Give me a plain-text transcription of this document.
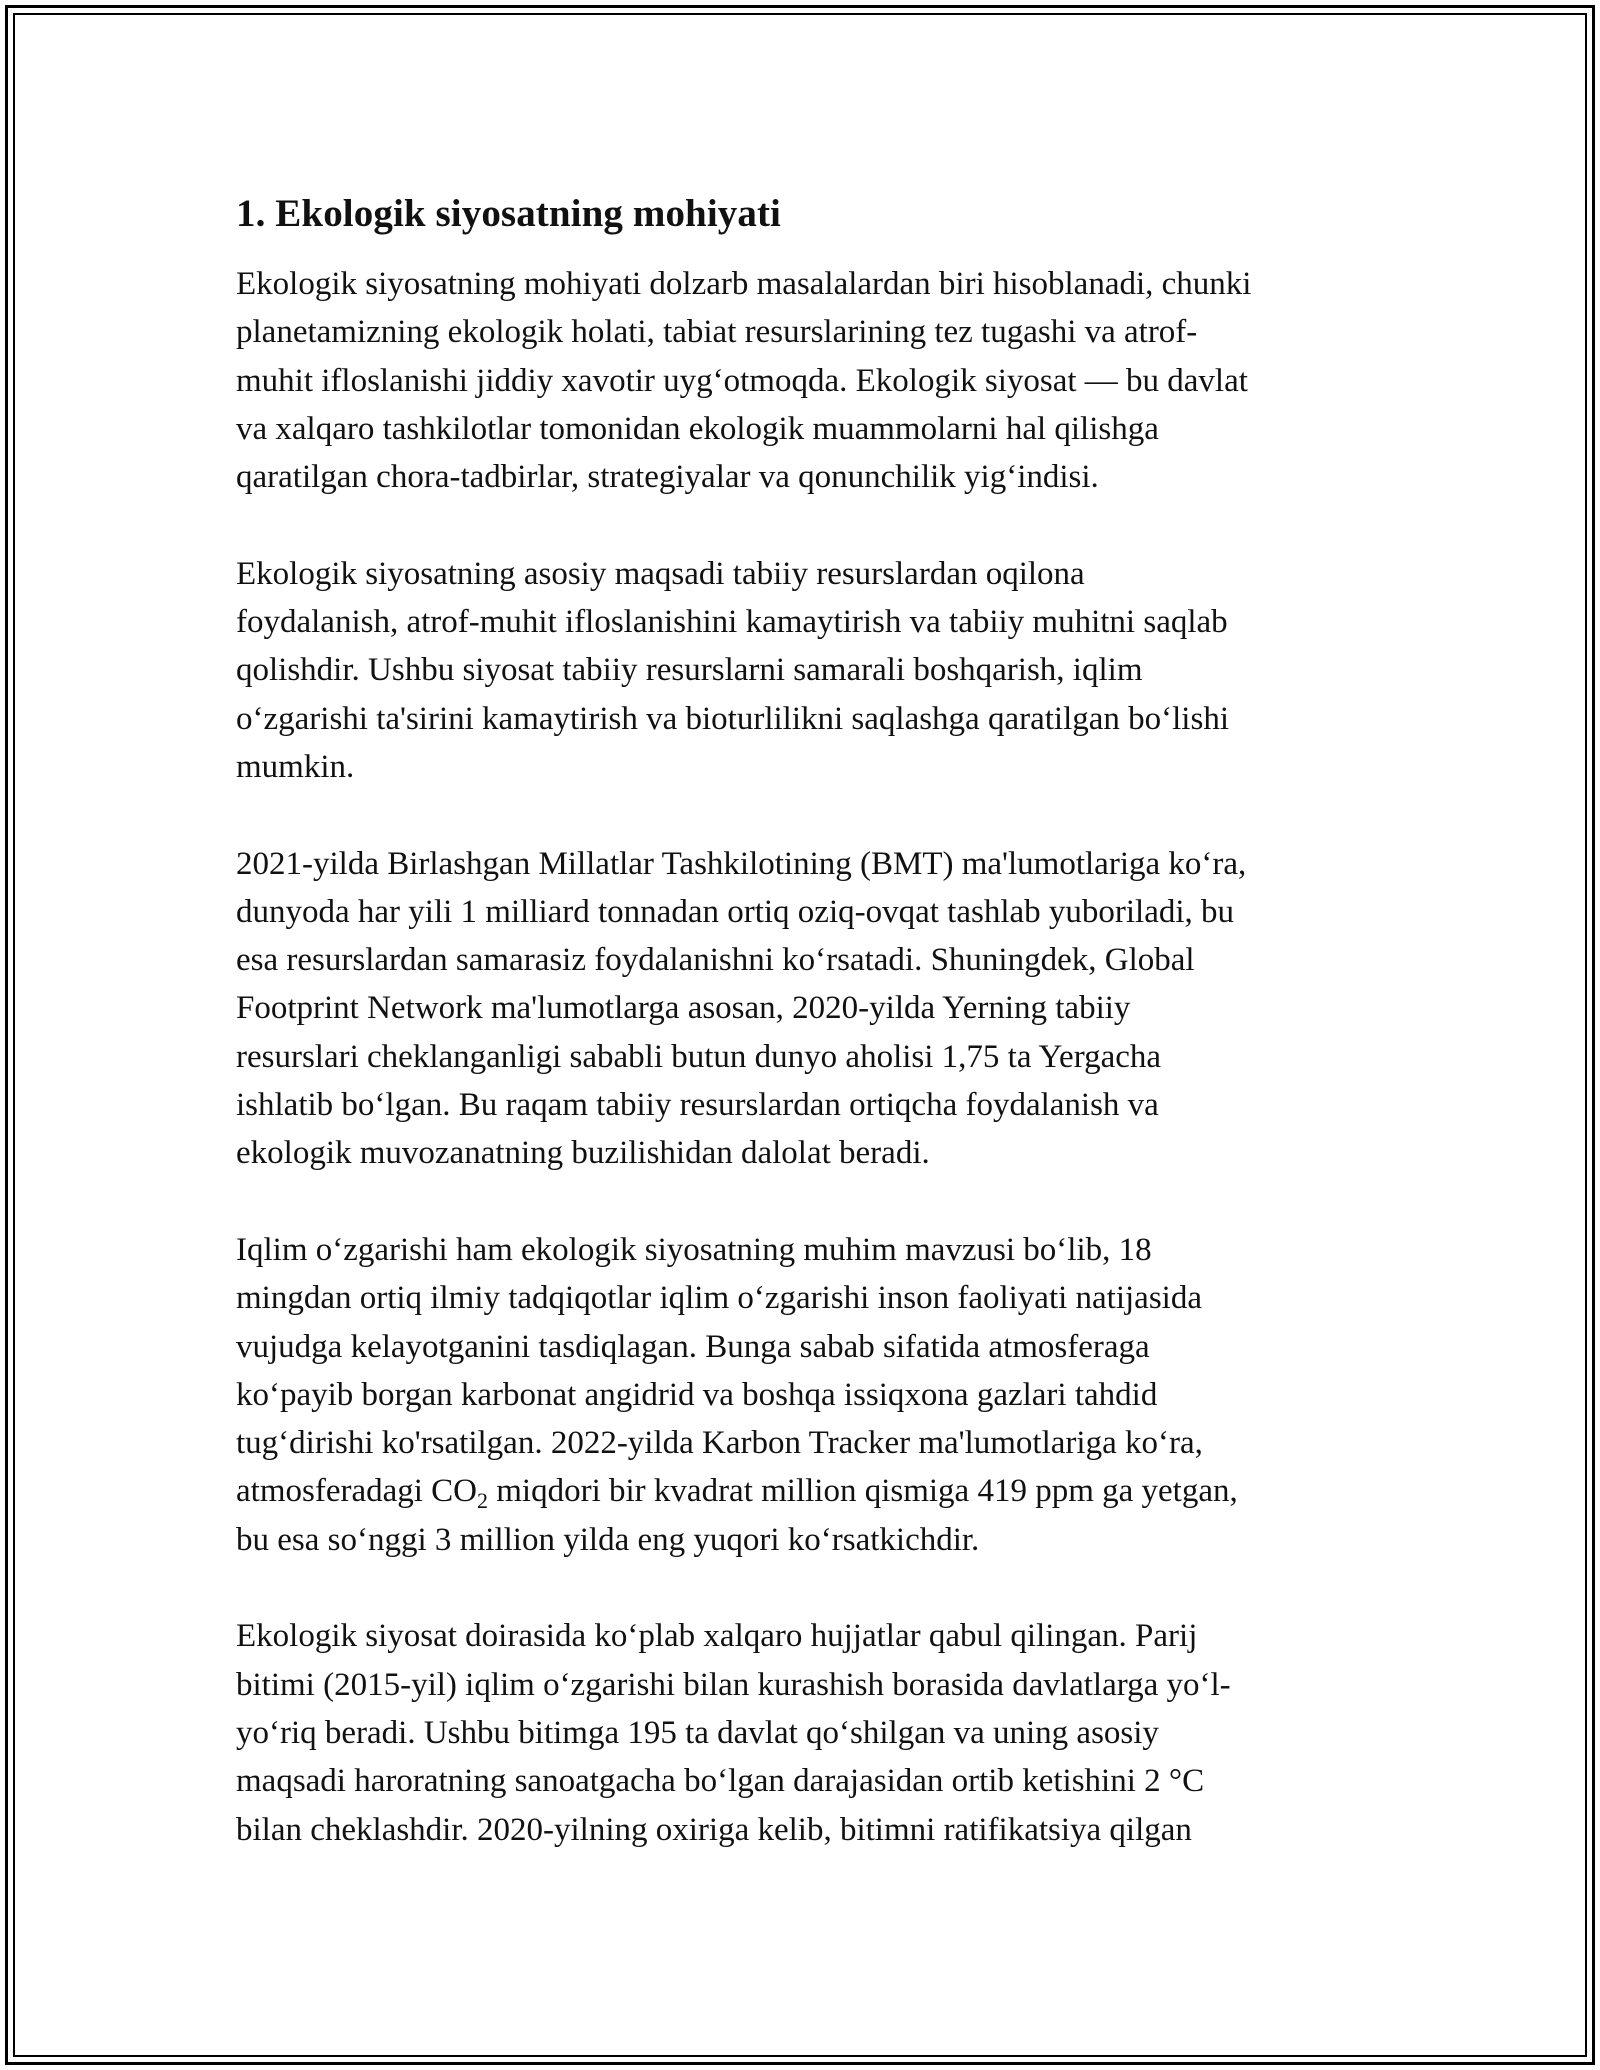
1. Ekologik siyosatning mohiyati

Ekologik siyosatning mohiyati dolzarb masalalardan biri hisoblanadi, chunki
planetamizning ekologik holati, tabiat resurslarining tez tugashi va atrof-
muhit ifloslanishi jiddiy xavotir uygʻotmoqda. Ekologik siyosat — bu davlat
va xalqaro tashkilotlar tomonidan ekologik muammolarni hal qilishga
qaratilgan chora-tadbirlar, strategiyalar va qonunchilik yigʻindisi.

Ekologik siyosatning asosiy maqsadi tabiiy resurslardan oqilona
foydalanish, atrof-muhit ifloslanishini kamaytirish va tabiiy muhitni saqlab
qolishdir. Ushbu siyosat tabiiy resurslarni samarali boshqarish, iqlim
oʻzgarishi ta'sirini kamaytirish va bioturlilikni saqlashga qaratilgan boʻlishi
mumkin.

2021-yilda Birlashgan Millatlar Tashkilotining (BMT) ma'lumotlariga koʻra,
dunyoda har yili 1 milliard tonnadan ortiq oziq-ovqat tashlab yuboriladi, bu
esa resurslardan samarasiz foydalanishni koʻrsatadi. Shuningdek, Global
Footprint Network ma'lumotlarga asosan, 2020-yilda Yerning tabiiy
resurslari cheklanganligi sababli butun dunyo aholisi 1,75 ta Yergacha
ishlatib boʻlgan. Bu raqam tabiiy resurslardan ortiqcha foydalanish va
ekologik muvozanatning buzilishidan dalolat beradi.

Iqlim oʻzgarishi ham ekologik siyosatning muhim mavzusi boʻlib, 18
mingdan ortiq ilmiy tadqiqotlar iqlim oʻzgarishi inson faoliyati natijasida
vujudga kelayotganini tasdiqlagan. Bunga sabab sifatida atmosferaga
koʻpayib borgan karbonat angidrid va boshqa issiqxona gazlari tahdid
tugʻdirishi ko'rsatilgan. 2022-yilda Karbon Tracker ma'lumotlariga koʻra,
atmosferadagi $CO_2$ miqdori bir kvadrat million qismiga 419 ppm ga yetgan,
bu esa soʻnggi 3 million yilda eng yuqori koʻrsatkichdir.

Ekologik siyosat doirasida koʻplab xalqaro hujjatlar qabul qilingan. Parij
bitimi (2015-yil) iqlim oʻzgarishi bilan kurashish borasida davlatlarga yoʻl-
yoʻriq beradi. Ushbu bitimga 195 ta davlat qoʻshilgan va uning asosiy
maqsadi haroratning sanoatgacha boʻlgan darajasidan ortib ketishini 2 °C
bilan cheklashdir. 2020-yilning oxiriga kelib, bitimni ratifikatsiya qilgan
